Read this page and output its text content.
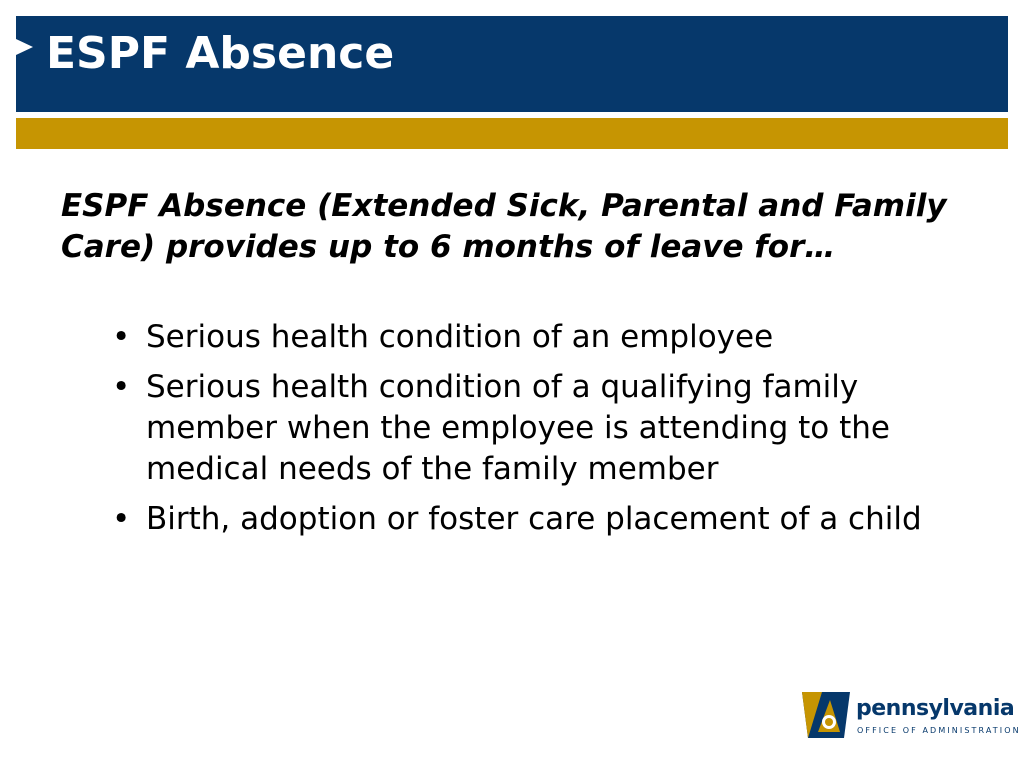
ESPF Absence
ESPF Absence (Extended Sick, Parental and Family Care) provides up to 6 months of leave for…
• Serious health condition of an employee
• Serious health condition of a qualifying family member when the employee is attending to the medical needs of the family member
• Birth, adoption or foster care placement of a child
pennsylvania
OFFICE OF ADMINISTRATION
